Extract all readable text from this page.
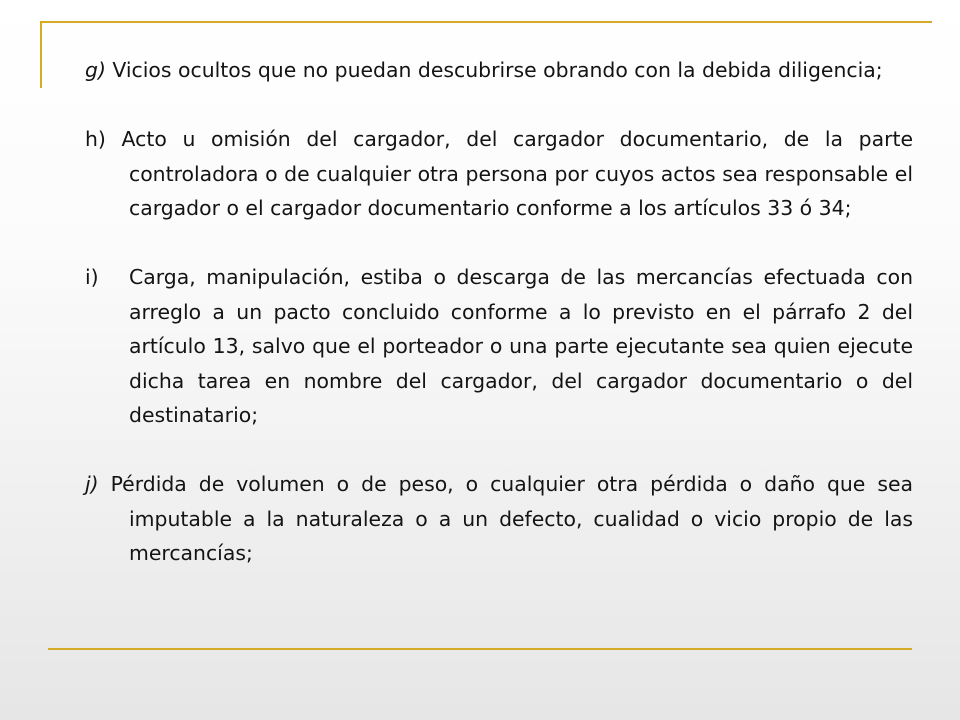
g) Vicios ocultos que no puedan descubrirse obrando con la debida diligencia;

h) Acto u omisión del cargador, del cargador documentario, de la parte controladora o de cualquier otra persona por cuyos actos sea responsable el cargador o el cargador documentario conforme a los artículos 33 ó 34;

i)	Carga, manipulación, estiba o descarga de las mercancías efectuada con arreglo a un pacto concluido conforme a lo previsto en el párrafo 2 del artículo 13, salvo que el porteador o una parte ejecutante sea quien ejecute dicha tarea en nombre del cargador, del cargador documentario o del destinatario;

j) Pérdida de volumen o de peso, o cualquier otra pérdida o daño que sea imputable a la naturaleza o a un defecto, cualidad o vicio propio de las mercancías;
